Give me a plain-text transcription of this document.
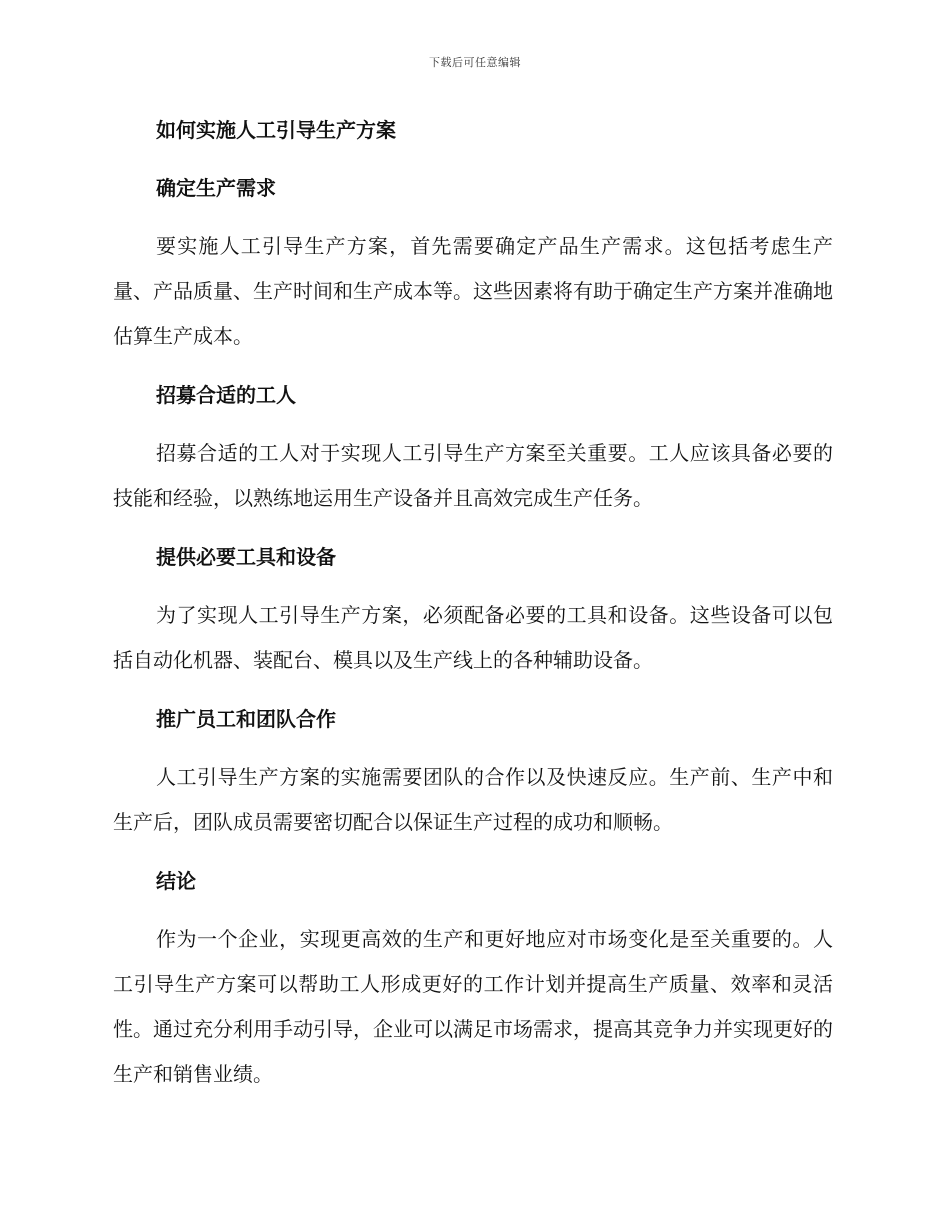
下载后可任意编辑
如何实施人工引导生产方案
确定生产需求

要实施人工引导生产方案，首先需要确定产品生产需求。这包括考虑生产量、产品质量、生产时间和生产成本等。这些因素将有助于确定生产方案并准确地估算生产成本。

招募合适的工人

招募合适的工人对于实现人工引导生产方案至关重要。工人应该具备必要的技能和经验，以熟练地运用生产设备并且高效完成生产任务。

提供必要工具和设备

为了实现人工引导生产方案，必须配备必要的工具和设备。这些设备可以包括自动化机器、装配台、模具以及生产线上的各种辅助设备。

推广员工和团队合作

人工引导生产方案的实施需要团队的合作以及快速反应。生产前、生产中和生产后，团队成员需要密切配合以保证生产过程的成功和顺畅。

结论

作为一个企业，实现更高效的生产和更好地应对市场变化是至关重要的。人工引导生产方案可以帮助工人形成更好的工作计划并提高生产质量、效率和灵活性。通过充分利用手动引导，企业可以满足市场需求，提高其竞争力并实现更好的生产和销售业绩。
